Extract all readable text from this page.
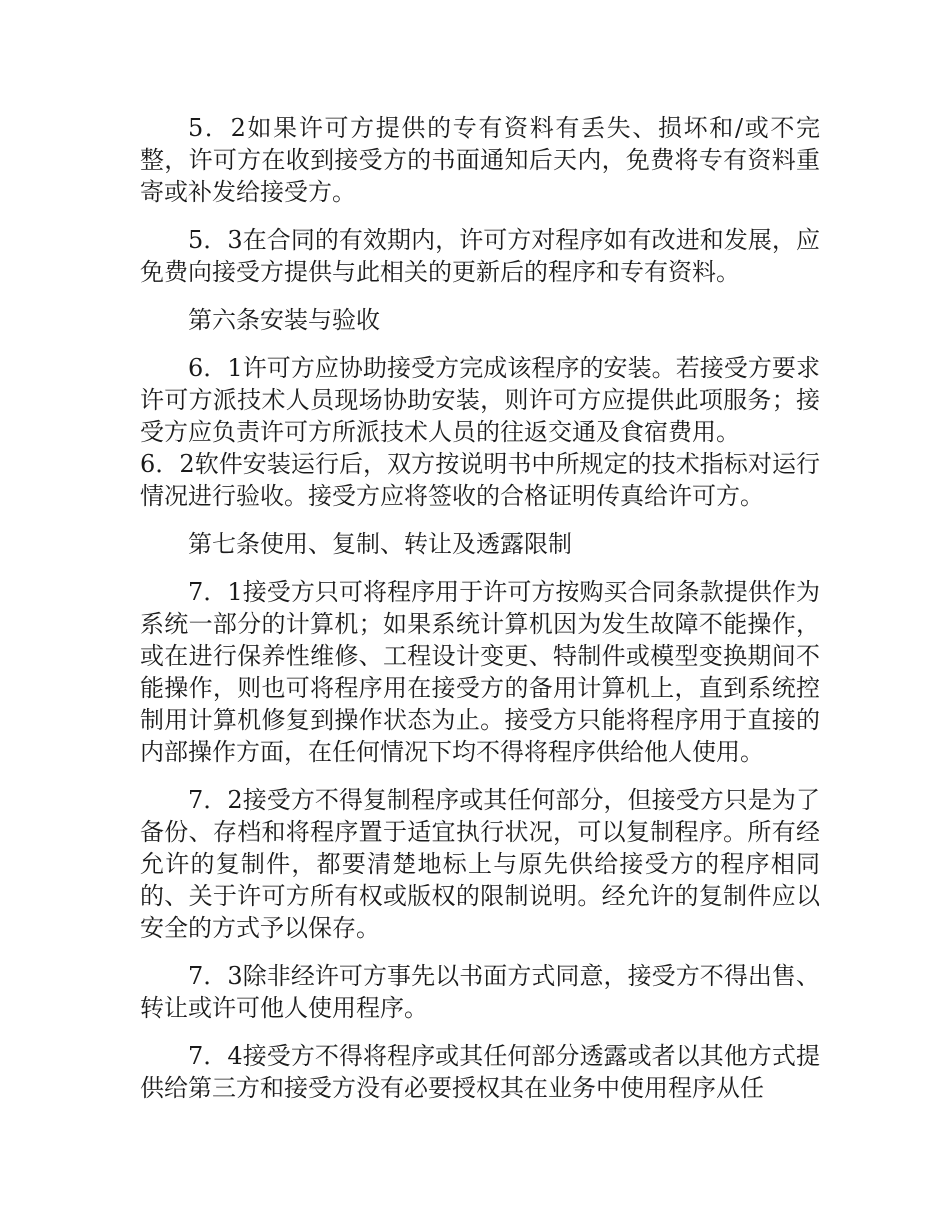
5．2如果许可方提供的专有资料有丢失、损坏和/或不完整，许可方在收到接受方的书面通知后天内，免费将专有资料重寄或补发给接受方。

5．3在合同的有效期内，许可方对程序如有改进和发展，应免费向接受方提供与此相关的更新后的程序和专有资料。

第六条安装与验收

6．1许可方应协助接受方完成该程序的安装。若接受方要求许可方派技术人员现场协助安装，则许可方应提供此项服务；接受方应负责许可方所派技术人员的往返交通及食宿费用。

6．2软件安装运行后，双方按说明书中所规定的技术指标对运行情况进行验收。接受方应将签收的合格证明传真给许可方。

第七条使用、复制、转让及透露限制

7．1接受方只可将程序用于许可方按购买合同条款提供作为系统一部分的计算机；如果系统计算机因为发生故障不能操作，或在进行保养性维修、工程设计变更、特制件或模型变换期间不能操作，则也可将程序用在接受方的备用计算机上，直到系统控制用计算机修复到操作状态为止。接受方只能将程序用于直接的内部操作方面，在任何情况下均不得将程序供给他人使用。

7．2接受方不得复制程序或其任何部分，但接受方只是为了备份、存档和将程序置于适宜执行状况，可以复制程序。所有经允许的复制件，都要清楚地标上与原先供给接受方的程序相同的、关于许可方所有权或版权的限制说明。经允许的复制件应以安全的方式予以保存。

7．3除非经许可方事先以书面方式同意，接受方不得出售、转让或许可他人使用程序。

7．4接受方不得将程序或其任何部分透露或者以其他方式提供给第三方和接受方没有必要授权其在业务中使用程序从任
